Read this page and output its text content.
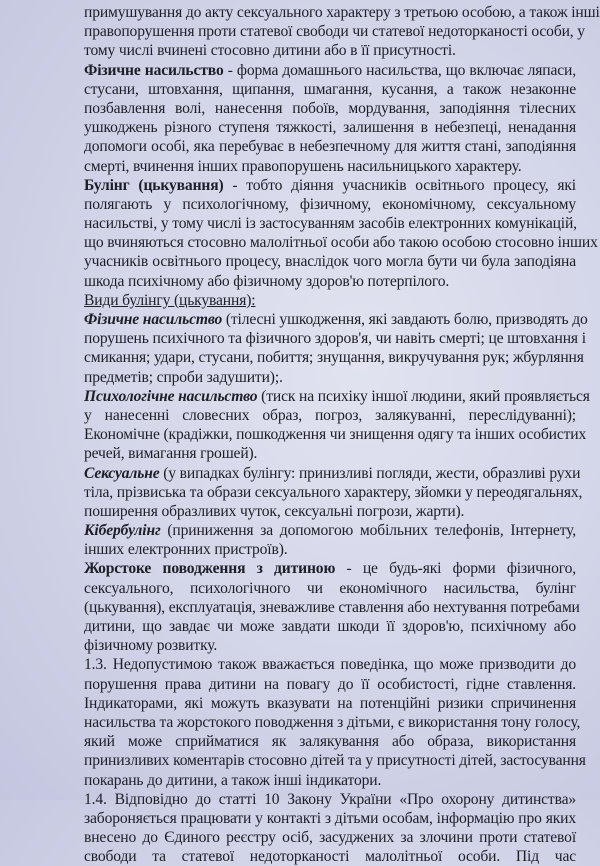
примушування до акту сексуального характеру з третьою особою, а також інші
правопорушення проти статевої свободи чи статевої недоторканості особи, у
тому числі вчинені стосовно дитини або в її присутності.
Фізичне насильство - форма домашнього насильства, що включає ляпаси,
стусани, штовхання, щипання, шмагання, кусання, а також незаконне
позбавлення волі, нанесення побоїв, мордування, заподіяння тілесних
ушкоджень різного ступеня тяжкості, залишення в небезпеці, ненадання
допомоги особі, яка перебуває в небезпечному для життя стані, заподіяння
смерті, вчинення інших правопорушень насильницького характеру.
Булінг (цькування) - тобто діяння учасників освітнього процесу, які
полягають у психологічному, фізичному, економічному, сексуальному
насильстві, у тому числі із застосуванням засобів електронних комунікацій,
що вчиняються стосовно малолітньої особи або такою особою стосовно інших
учасників освітнього процесу, внаслідок чого могла бути чи була заподіяна
шкода психічному або фізичному здоров'ю потерпілого.
Види булінгу (цькування):
Фізичне насильство (тілесні ушкодження, які завдають болю, призводять до
порушень психічного та фізичного здоров'я, чи навіть смерті; це штовхання і
смикання; удари, стусани, побиття; знущання, викручування рук; жбурляння
предметів; спроби задушити);.
Психологічне насильство (тиск на психіку іншої людини, який проявляється
у нанесенні словесних образ, погроз, залякуванні, переслідуванні);
Економічне (крадіжки, пошкодження чи знищення одягу та інших особистих
речей, вимагання грошей).
Сексуальне (у випадках булінгу: принизливі погляди, жести, образливі рухи
тіла, прізвиська та образи сексуального характеру, зйомки у переодягальнях,
поширення образливих чуток, сексуальні погрози, жарти).
Кібербулінг (приниження за допомогою мобільних телефонів, Інтернету,
інших електронних пристроїв).
Жорстоке поводження з дитиною - це будь-які форми фізичного,
сексуального, психологічного чи економічного насильства, булінг
(цькування), експлуатація, зневажливе ставлення або нехтування потребами
дитини, що завдає чи може завдати шкоди її здоров'ю, психічному або
фізичному розвитку.
1.3. Недопустимою також вважається поведінка, що може призводити до
порушення права дитини на повагу до її особистості, гідне ставлення.
Індикаторами, які можуть вказувати на потенційні ризики спричинення
насильства та жорстокого поводження з дітьми, є використання тону голосу,
який може сприйматися як залякування або образа, використання
принизливих коментарів стосовно дітей та у присутності дітей, застосування
покарань до дитини, а також інші індикатори.
1.4. Відповідно до статті 10 Закону України «Про охорону дитинства»
забороняється працювати у контакті з дітьми особам, інформацію про яких
внесено до Єдиного реєстру осіб, засуджених за злочини проти статевої
свободи та статевої недоторканості малолітньої особи. Під час
